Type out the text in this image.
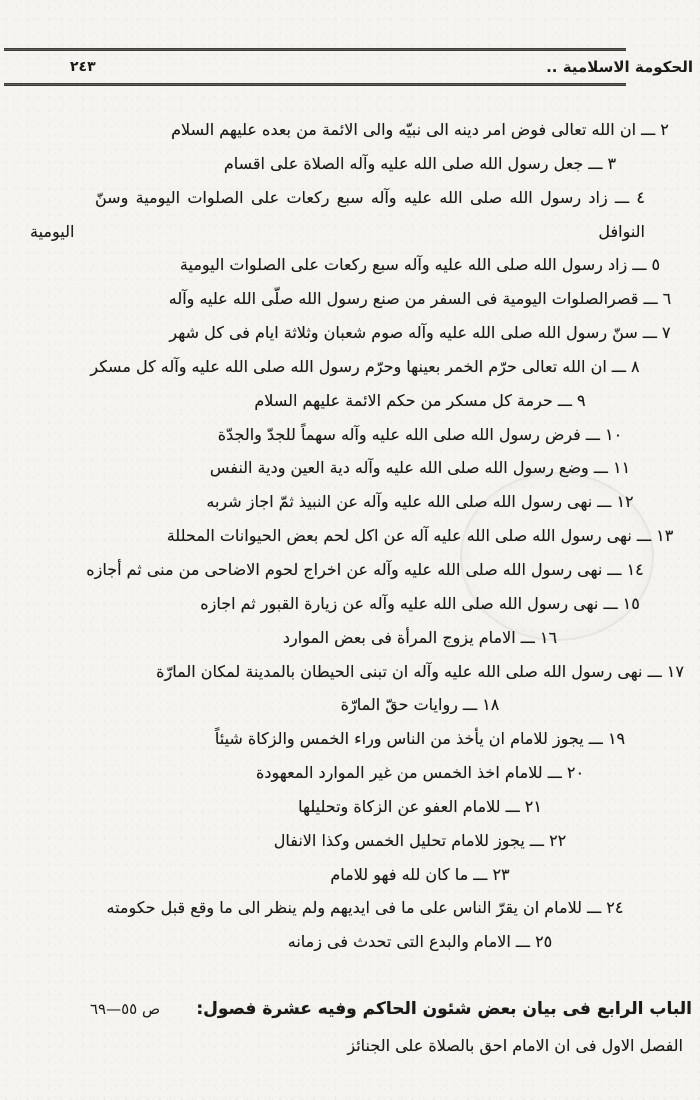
الحكومة الاسلامية ..
٢٤٣
٢ ـــ ان الله تعالى فوض امر دينه الى نبيّه والى الائمة من بعده عليهم السلام
٣ ـــ جعل رسول الله صلى الله عليه وآله الصلاة على اقسام
٤ ـــ زاد رسول الله صلى الله عليه وآله سبع ركعات على الصلوات اليومية وسنّ النوافل
اليومية
٥ ـــ زاد رسول الله صلى الله عليه وآله سبع ركعات على الصلوات اليومية
٦ ـــ قصرالصلوات اليومية فى السفر من صنع رسول الله صلّى الله عليه وآله
٧ ـــ سنّ رسول الله صلى الله عليه وآله صوم شعبان وثلاثة ايام فى كل شهر
٨ ـــ ان الله تعالى حرّم الخمر بعينها وحرّم رسول الله صلى الله عليه وآله كل مسكر
٩ ـــ حرمة كل مسكر من حكم الائمة عليهم السلام
١٠ ـــ فرض رسول الله صلى الله عليه وآله سهماً للجدّ والجدّة
١١ ـــ وضع رسول الله صلى الله عليه وآله دية العين ودية النفس
١٢ ـــ نهى رسول الله صلى الله عليه وآله عن النبيذ ثمّ اجاز شربه
١٣ ـــ نهى رسول الله صلى الله عليه آله عن اكل لحم بعض الحيوانات المحللة
١٤ ـــ نهى رسول الله صلى الله عليه وآله عن اخراج لحوم الاضاحى من منى ثم أجازه
١٥ ـــ نهى رسول الله صلى الله عليه وآله عن زيارة القبور ثم اجازه
١٦ ـــ الامام يزوج المرأة فى بعض الموارد
١٧ ـــ نهى رسول الله صلى الله عليه وآله ان تبنى الحيطان بالمدينة لمكان المارّة
١٨ ـــ روايات حقّ المارّة
١٩ ـــ يجوز للامام ان يأخذ من الناس وراء الخمس والزكاة شيئاً
٢٠ ـــ للامام اخذ الخمس من غير الموارد المعهودة
٢١ ـــ للامام العفو عن الزكاة وتحليلها
٢٢ ـــ يجوز للامام تحليل الخمس وكذا الانفال
٢٣ ـــ ما كان لله فهو للامام
٢٤ ـــ للامام ان يقرّ الناس على ما فى ايديهم ولم ينظر الى ما وقع قبل حكومته
٢٥ ـــ الامام والبدع التى تحدث فى زمانه
الباب الرابع فى بيان بعض شئون الحاكم وفيه عشرة فصول:
ص ٥٥—٦٩
الفصل الاول فى ان الامام احق بالصلاة على الجنائز
